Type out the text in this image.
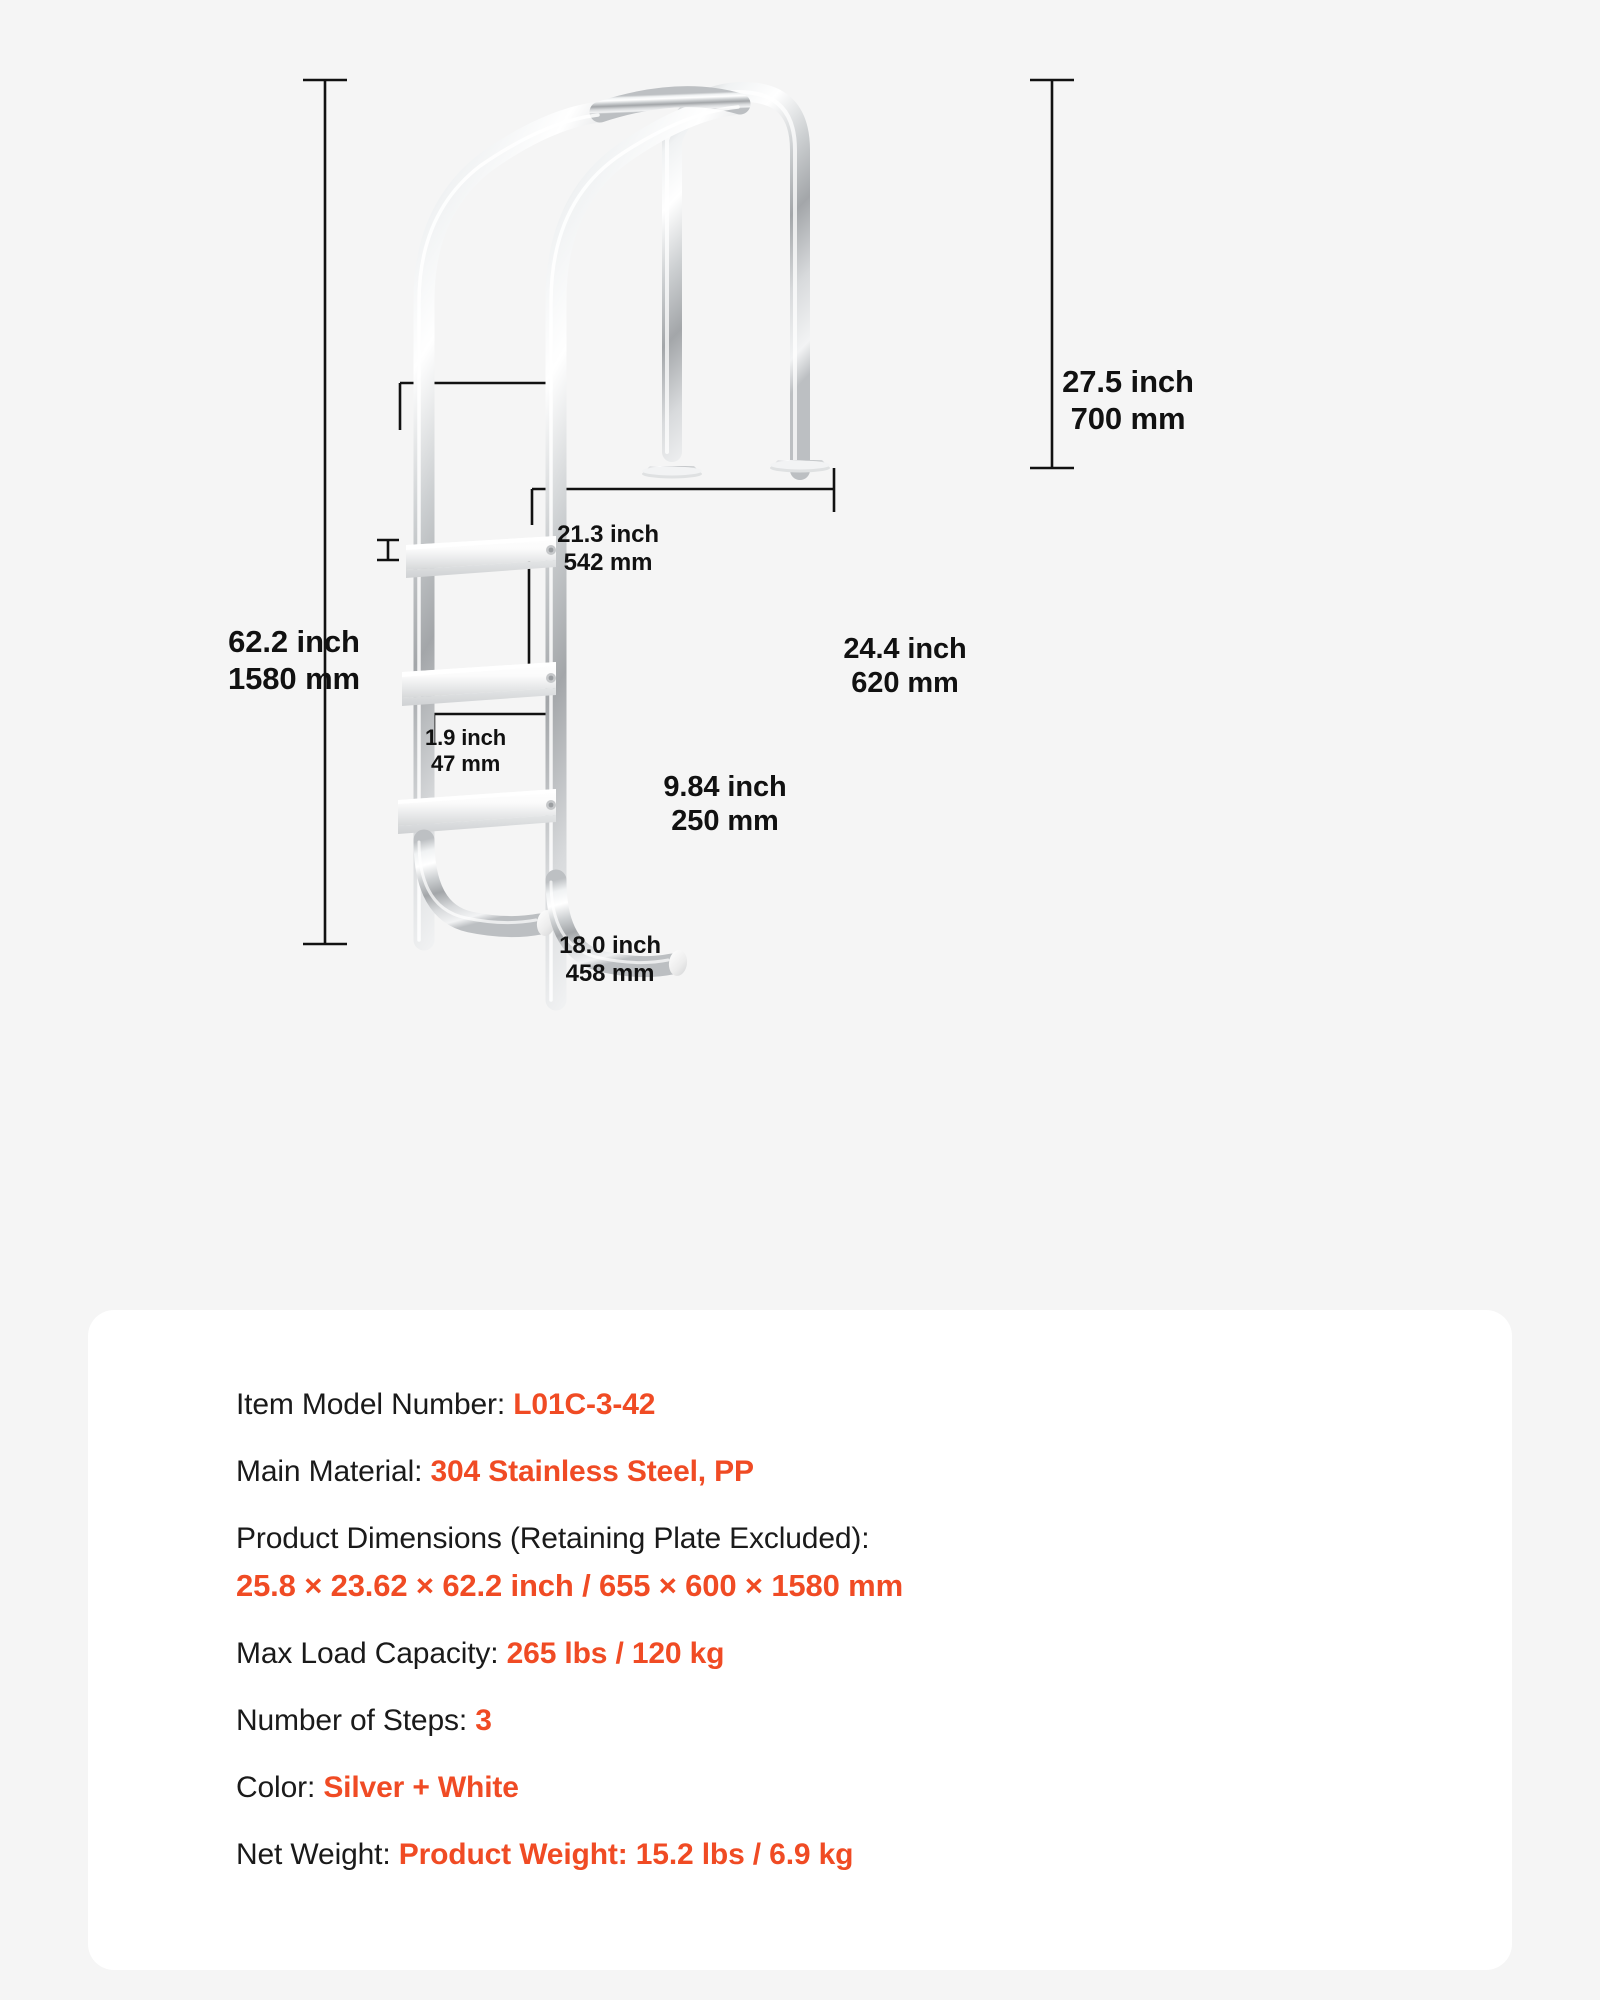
62.2 inch
1580 mm
27.5 inch
700 mm
21.3 inch
542 mm
24.4 inch
620 mm
1.9 inch
47 mm
9.84 inch
250 mm
18.0 inch
458 mm
Item Model Number: L01C-3-42
Main Material: 304 Stainless Steel, PP
Product Dimensions (Retaining Plate Excluded):
25.8 × 23.62 × 62.2 inch / 655 × 600 × 1580 mm
Max Load Capacity: 265 lbs / 120 kg
Number of Steps: 3
Color: Silver + White
Net Weight: Product Weight: 15.2 lbs / 6.9 kg
